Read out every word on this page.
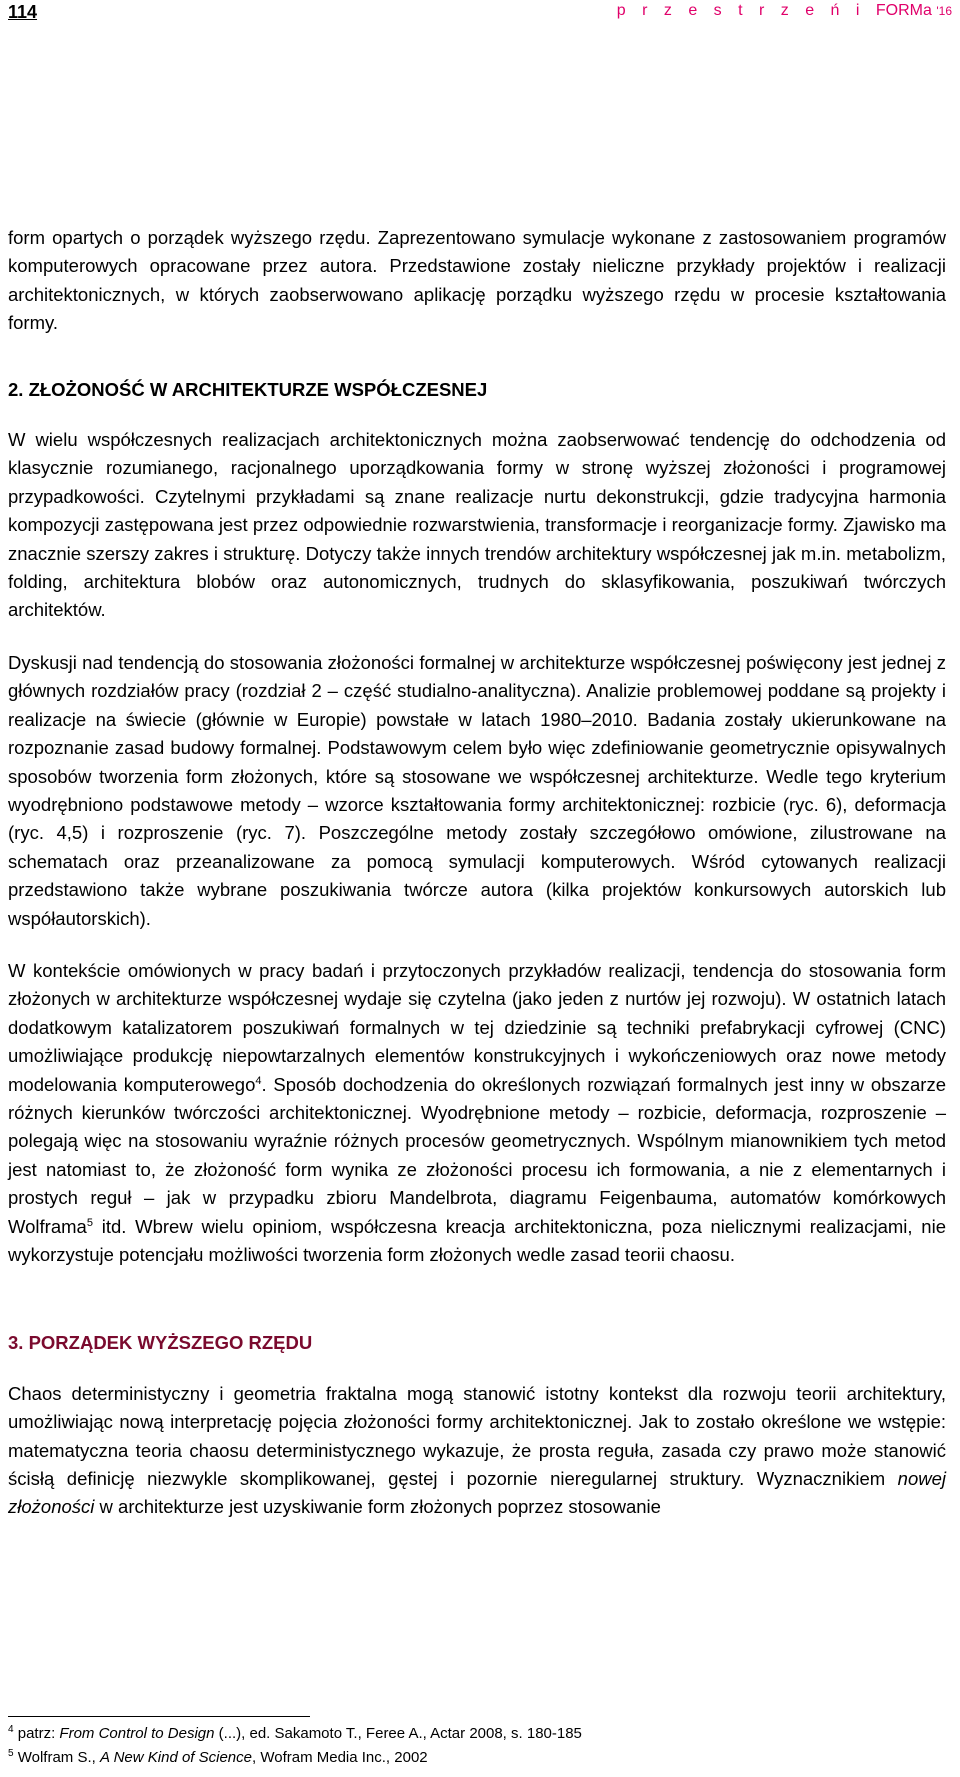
114	p r z e s t r z e ń i FORMa '16

form opartych o porządek wyższego rzędu. Zaprezentowano symulacje wykonane z zastosowaniem programów komputerowych opracowane przez autora. Przedstawione zostały nieliczne przykłady projektów i realizacji architektonicznych, w których zaobserwowano aplikację porządku wyższego rzędu w procesie kształtowania formy.

2. ZŁOŻONOŚĆ W ARCHITEKTURZE WSPÓŁCZESNEJ

W wielu współczesnych realizacjach architektonicznych można zaobserwować tendencję do odchodzenia od klasycznie rozumianego, racjonalnego uporządkowania formy w stronę wyższej złożoności i programowej przypadkowości. Czytelnymi przykładami są znane realizacje nurtu dekonstrukcji, gdzie tradycyjna harmonia kompozycji zastępowana jest przez odpowiednie rozwarstwienia, transformacje i reorganizacje formy. Zjawisko ma znacznie szerszy zakres i strukturę. Dotyczy także innych trendów architektury współczesnej jak m.in. metabolizm, folding, architektura blobów oraz autonomicznych, trudnych do sklasyfikowania, poszukiwań twórczych architektów.

Dyskusji nad tendencją do stosowania złożoności formalnej w architekturze współczesnej poświęcony jest jednej z głównych rozdziałów pracy (rozdział 2 – część studialno-analityczna). Analizie problemowej poddane są projekty i realizacje na świecie (głównie w Europie) powstałe w latach 1980–2010. Badania zostały ukierunkowane na rozpoznanie zasad budowy formalnej. Podstawowym celem było więc zdefiniowanie geometrycznie opisywalnych sposobów tworzenia form złożonych, które są stosowane we współczesnej architekturze. Wedle tego kryterium wyodrębniono podstawowe metody – wzorce kształtowania formy architektonicznej: rozbicie (ryc. 6), deformacja (ryc. 4,5) i rozproszenie (ryc. 7). Poszczególne metody zostały szczegółowo omówione, zilustrowane na schematach oraz przeanalizowane za pomocą symulacji komputerowych. Wśród cytowanych realizacji przedstawiono także wybrane poszukiwania twórcze autora (kilka projektów konkursowych autorskich lub współautorskich).

W kontekście omówionych w pracy badań i przytoczonych przykładów realizacji, tendencja do stosowania form złożonych w architekturze współczesnej wydaje się czytelna (jako jeden z nurtów jej rozwoju). W ostatnich latach dodatkowym katalizatorem poszukiwań formalnych w tej dziedzinie są techniki prefabrykacji cyfrowej (CNC) umożliwiające produkcję niepowtarzalnych elementów konstrukcyjnych i wykończeniowych oraz nowe metody modelowania komputerowego$^4$. Sposób dochodzenia do określonych rozwiązań formalnych jest inny w obszarze różnych kierunków twórczości architektonicznej. Wyodrębnione metody – rozbicie, deformacja, rozproszenie – polegają więc na stosowaniu wyraźnie różnych procesów geometrycznych. Wspólnym mianownikiem tych metod jest natomiast to, że złożoność form wynika ze złożoności procesu ich formowania, a nie z elementarnych i prostych reguł – jak w przypadku zbioru Mandelbrota, diagramu Feigenbauma, automatów komórkowych Wolframa$^5$ itd. Wbrew wielu opiniom, współczesna kreacja architektoniczna, poza nielicznymi realizacjami, nie wykorzystuje potencjału możliwości tworzenia form złożonych wedle zasad teorii chaosu.

3. PORZĄDEK WYŻSZEGO RZĘDU

Chaos deterministyczny i geometria fraktalna mogą stanowić istotny kontekst dla rozwoju teorii architektury, umożliwiając nową interpretację pojęcia złożoności formy architektonicznej. Jak to zostało określone we wstępie: matematyczna teoria chaosu deterministycznego wykazuje, że prosta reguła, zasada czy prawo może stanowić ścisłą definicję niezwykle skomplikowanej, gęstej i pozornie nieregularnej struktury. Wyznacznikiem nowej złożoności w architekturze jest uzyskiwanie form złożonych poprzez stosowanie

$^4$ patrz: From Control to Design (...), ed. Sakamoto T., Feree A., Actar 2008, s. 180-185
$^5$ Wolfram S., A New Kind of Science, Wofram Media Inc., 2002
